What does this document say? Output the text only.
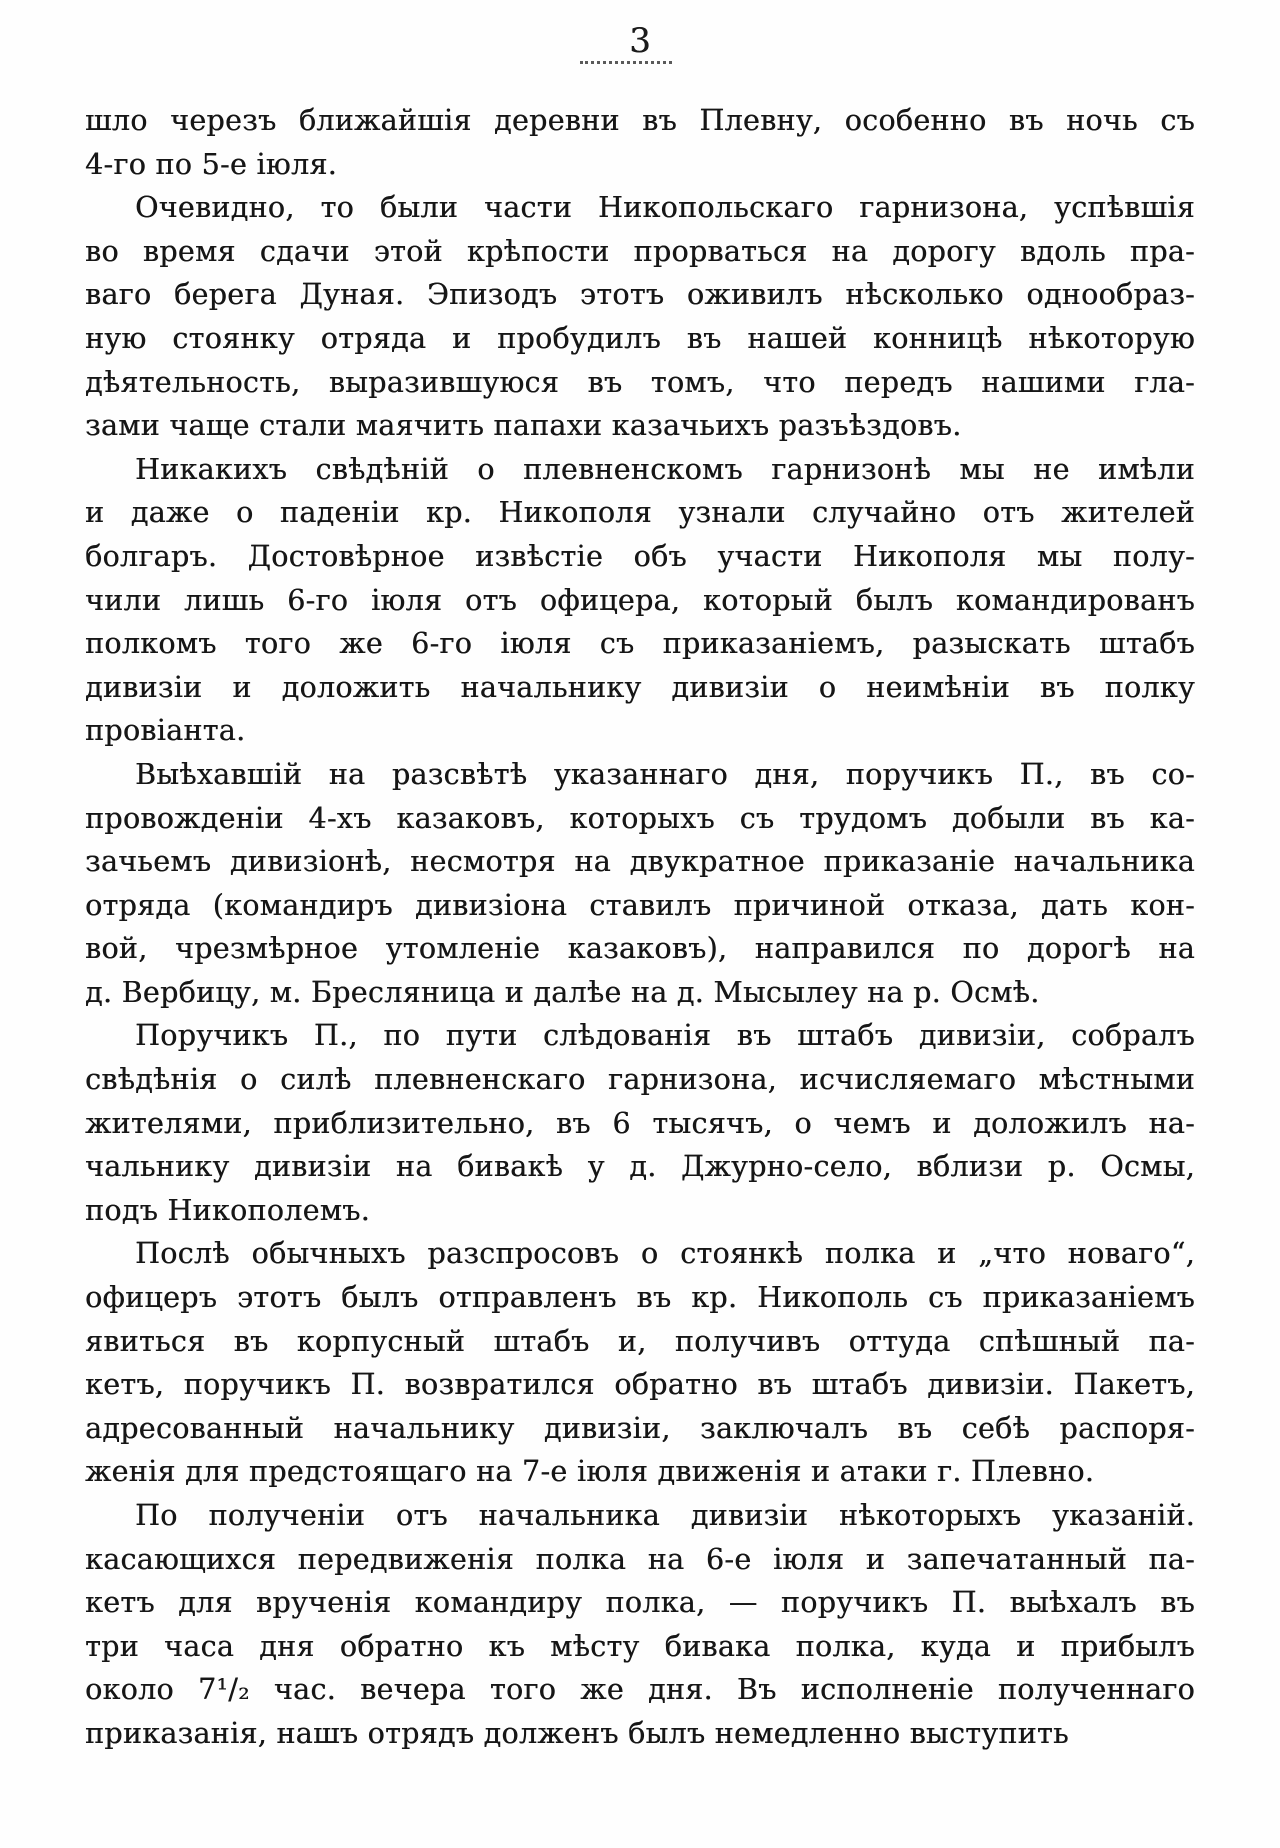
3
шло черезъ ближайшія деревни въ Плевну, особенно въ ночь съ
4-го по 5-е іюля.
Очевидно, то были части Никопольскаго гарнизона, успѣвшія
во время сдачи этой крѣпости прорваться на дорогу вдоль пра-
ваго берега Дуная. Эпизодъ этотъ оживилъ нѣсколько однообраз-
ную стоянку отряда и пробудилъ въ нашей конницѣ нѣкоторую
дѣятельность, выразившуюся въ томъ, что передъ нашими гла-
зами чаще стали маячить папахи казачьихъ разъѣздовъ.
Никакихъ свѣдѣній о плевненскомъ гарнизонѣ мы не имѣли
и даже о паденіи кр. Никополя узнали случайно отъ жителей
болгаръ. Достовѣрное извѣстіе объ участи Никополя мы полу-
чили лишь 6-го іюля отъ офицера, который былъ командированъ
полкомъ того же 6-го іюля съ приказаніемъ, разыскать штабъ
дивизіи и доложить начальнику дивизіи о неимѣніи въ полку
провіанта.
Выѣхавшій на разсвѣтѣ указаннаго дня, поручикъ П., въ со-
провожденіи 4-хъ казаковъ, которыхъ съ трудомъ добыли въ ка-
зачьемъ дивизіонѣ, несмотря на двукратное приказаніе начальника
отряда (командиръ дивизіона ставилъ причиной отказа, дать кон-
вой, чрезмѣрное утомленіе казаковъ), направился по дорогѣ на
д. Вербицу, м. Бресляница и далѣе на д. Мысылеу на р. Осмѣ.
Поручикъ П., по пути слѣдованія въ штабъ дивизіи, собралъ
свѣдѣнія о силѣ плевненскаго гарнизона, исчисляемаго мѣстными
жителями, приблизительно, въ 6 тысячъ, о чемъ и доложилъ на-
чальнику дивизіи на бивакѣ у д. Джурно-село, вблизи р. Осмы,
подъ Никополемъ.
Послѣ обычныхъ разспросовъ о стоянкѣ полка и „что новаго“,
офицеръ этотъ былъ отправленъ въ кр. Никополь съ приказаніемъ
явиться въ корпусный штабъ и, получивъ оттуда спѣшный па-
кетъ, поручикъ П. возвратился обратно въ штабъ дивизіи. Пакетъ,
адресованный начальнику дивизіи, заключалъ въ себѣ распоря-
женія для предстоящаго на 7-е іюля движенія и атаки г. Плевно.
По полученіи отъ начальника дивизіи нѣкоторыхъ указаній.
касающихся передвиженія полка на 6-е іюля и запечатанный па-
кетъ для врученія командиру полка, — поручикъ П. выѣхалъ въ
три часа дня обратно къ мѣсту бивака полка, куда и прибылъ
около 7¹/₂ час. вечера того же дня. Въ исполненіе полученнаго
приказанія, нашъ отрядъ долженъ былъ немедленно выступить
